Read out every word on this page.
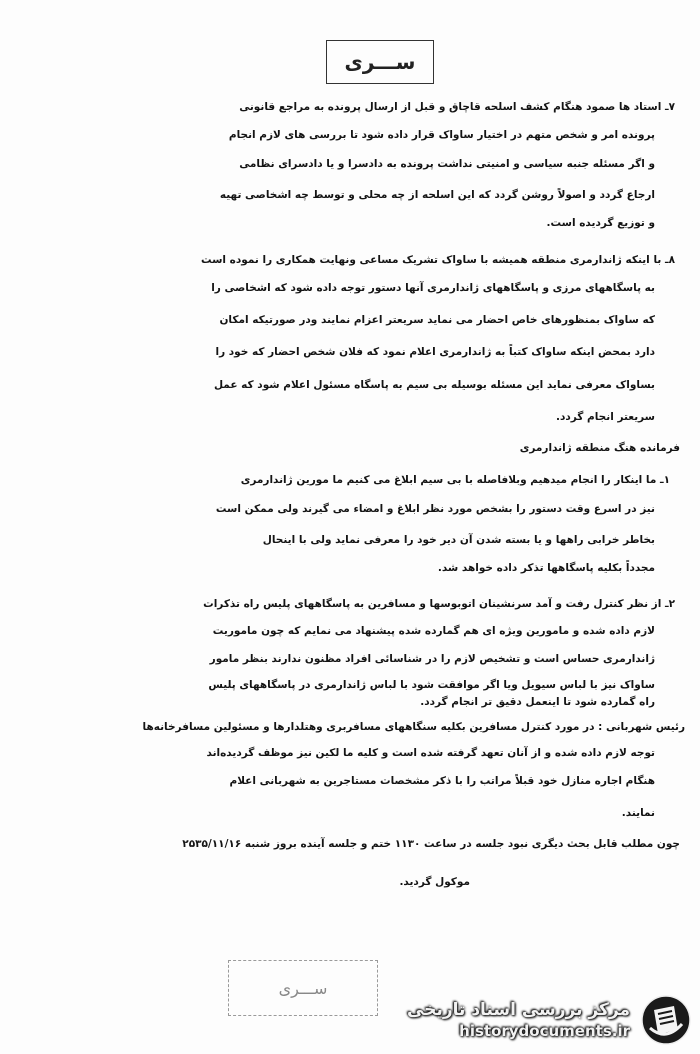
ســـری
۷ـ استاد ها صمود هنگام کشف اسلحه قاچاق و قبل از ارسال پرونده به مراجع قانونی
پرونده امر و شخص متهم در اختیار ساواک قرار داده شود تا بررسی های لازم انجام
و اگر مسئله جنبه سیاسی و امنیتی نداشت پرونده به دادسرا و یا دادسرای نظامی
ارجاع گردد و اصولاً روشن گردد که این اسلحه از چه محلی و توسط چه اشخاصی تهیه
و توزیع گردیده است.
۸ـ با اینکه ژاندارمری منطقه همیشه با ساواک تشریک مساعی ونهایت همکاری را نموده است
به پاسگاههای مرزی و پاسگاههای ژاندارمری آنها دستور توجه داده شود که اشخاصی را
که ساواک بمنظورهای خاص احضار می نماید سریعتر اعزام نمایند ودر صورتیکه امکان
دارد بمحض اینکه ساواک کتباً به ژاندارمری اعلام نمود که فلان شخص احضار که خود را
بساواک معرفی نماید این مسئله بوسیله بی سیم به پاسگاه مسئول اعلام شود که عمل
سریعتر انجام گردد.
فرمانده هنگ منطقه ژاندارمری
۱ـ ما اینکار را انجام میدهیم وبلافاصله با بی سیم ابلاغ می کنیم ما مورین ژاندارمری
نیز در اسرع وقت دستور را بشخص مورد نظر ابلاغ و امضاء می گیرند ولی ممکن است
بخاطر خرابی راهها و یا بسته شدن آن دیر خود را معرفی نماید ولی با اینحال
مجدداً بکلیه پاسگاهها تذکر داده خواهد شد.
۲ـ از نظر کنترل رفت و آمد سرنشینان اتوبوسها و مسافرین به پاسگاههای پلیس راه تذکرات
لازم داده شده و مامورین ویژه ای هم گمارده شده پیشنهاد می نمایم که چون ماموریت
ژاندارمری حساس است و تشخیص لازم را در شناسائی افراد مظنون ندارند بنظر مامور
ساواک نیز با لباس سیویل ویا اگر موافقت شود با لباس ژاندارمری در پاسگاههای پلیس
راه گمارده شود تا اینعمل دقیق تر انجام گردد.
رئیس شهربانی : در مورد کنترل مسافرین بکلیه سنگاههای مسافربری وهتلدارها و مسئولین مسافرخانه‌ها
توجه لازم داده شده و از آنان تعهد گرفته شده است و کلیه ما لکین نیز موظف گردیده‌اند
هنگام اجاره منازل خود قبلاً مراتب را با ذکر مشخصات مستاجرین به شهربانی اعلام
نمایند.
چون مطلب قابل بحث دیگری نبود جلسه در ساعت ۱۱۳۰ ختم و جلسه آینده بروز شنبه ۲۵۳۵/۱۱/۱۶
موکول گردید.
ســـری
مرکز بررسی اسناد تاریخی
historydocuments.ir
